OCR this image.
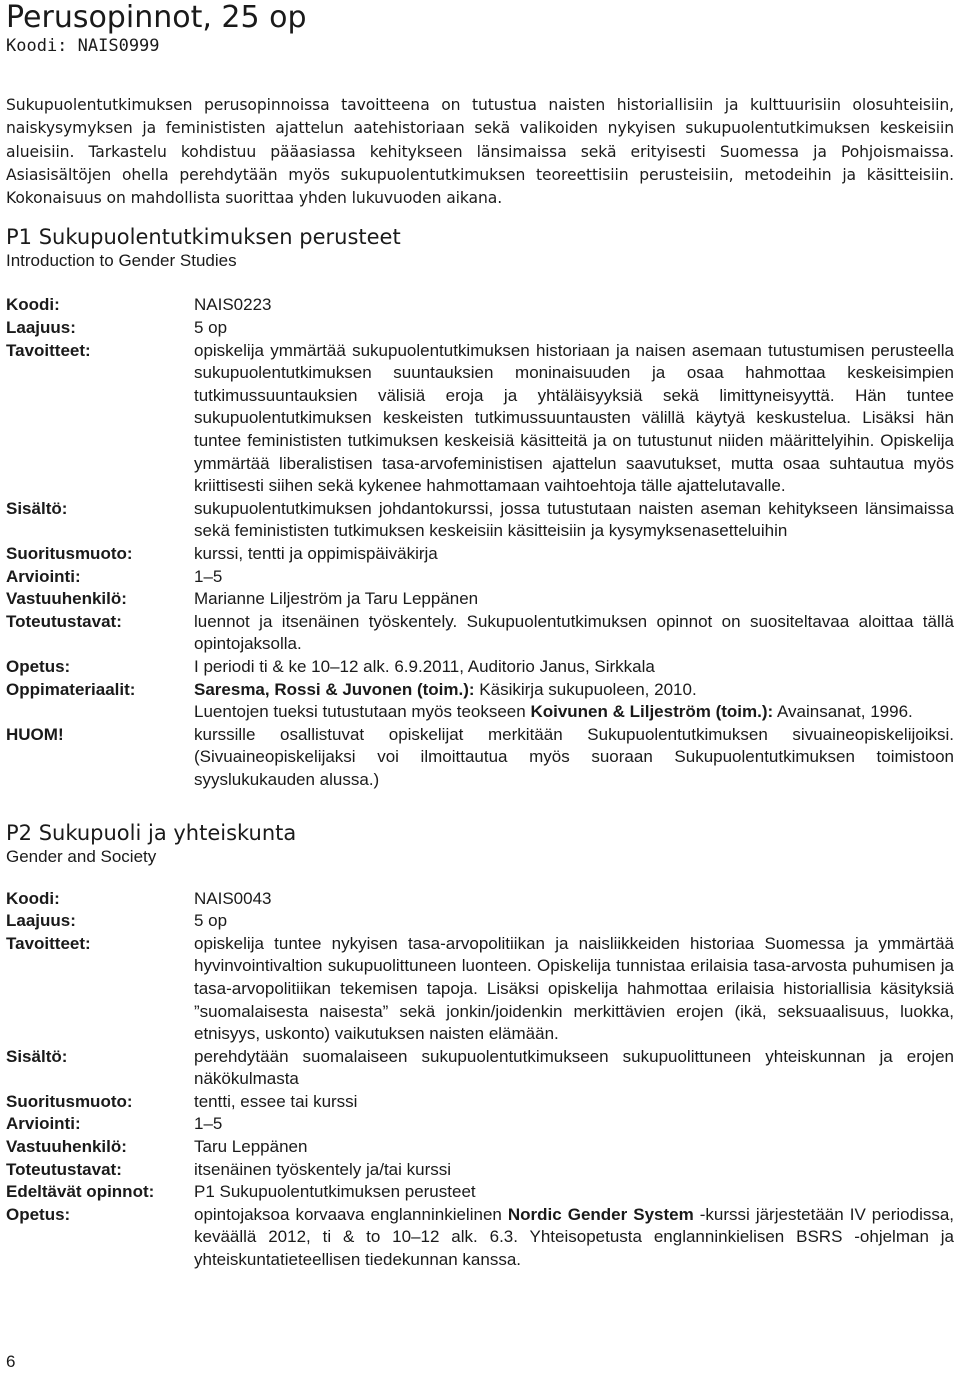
Perusopinnot, 25 op
Koodi: NAIS0999

Sukupuolentutkimuksen perusopinnoissa tavoitteena on tutustua naisten historiallisiin ja kulttuurisiin olosuhteisiin, naiskysymyksen ja feminististen ajattelun aatehistoriaan sekä valikoiden nykyisen sukupuolentutkimuksen keskeisiin alueisiin. Tarkastelu kohdistuu pääasiassa kehitykseen länsimaissa sekä erityisesti Suomessa ja Pohjoismaissa. Asiasisältöjen ohella perehdytään myös sukupuolentutkimuksen teoreettisiin perusteisiin, metodeihin ja käsitteisiin. Kokonaisuus on mahdollista suorittaa yhden lukuvuoden aikana.

P1 Sukupuolentutkimuksen perusteet
Introduction to Gender Studies
Koodi:	NAIS0223
Laajuus:	5 op
Tavoitteet:	opiskelija ymmärtää sukupuolentutkimuksen historiaan ja naisen asemaan tutustumisen perusteella sukupuolentutkimuksen suuntauksien moninaisuuden ja osaa hahmottaa keskeisimpien tutkimussuuntauksien välisiä eroja ja yhtäläisyyksiä sekä limittyneisyyttä. Hän tuntee sukupuolentutkimuksen keskeisten tutkimussuuntausten välillä käytyä keskustelua. Lisäksi hän tuntee feminististen tutkimuksen keskeisiä käsitteitä ja on tutustunut niiden määrittelyihin. Opiskelija ymmärtää liberalistisen tasa-arvofeministisen ajattelun saavutukset, mutta osaa suhtautua myös kriittisesti siihen sekä kykenee hahmottamaan vaihtoehtoja tälle ajattelutavalle.
Sisältö:	sukupuolentutkimuksen johdantokurssi, jossa tutustutaan naisten aseman kehitykseen länsimaissa sekä feminististen tutkimuksen keskeisiin käsitteisiin ja kysymyksenasetteluihin
Suoritusmuoto:	kurssi, tentti ja oppimispäiväkirja
Arviointi:	1–5
Vastuuhenkilö:	Marianne Liljeström ja Taru Leppänen
Toteutustavat:	luennot ja itsenäinen työskentely. Sukupuolentutkimuksen opinnot on suositeltavaa aloittaa tällä opintojaksolla.
Opetus:	I periodi ti & ke 10–12 alk. 6.9.2011, Auditorio Janus, Sirkkala
Oppimateriaalit:	Saresma, Rossi & Juvonen (toim.): Käsikirja sukupuoleen, 2010.
Luentojen tueksi tutustutaan myös teokseen Koivunen & Liljeström (toim.): Avainsanat, 1996.
HUOM!	kurssille osallistuvat opiskelijat merkitään Sukupuolentutkimuksen sivuaineopiskelijoiksi. (Sivuaineopiskelijaksi voi ilmoittautua myös suoraan Sukupuolentutkimuksen toimistoon syyslukukauden alussa.)
P2 Sukupuoli ja yhteiskunta
Gender and Society
Koodi:	NAIS0043
Laajuus:	5 op
Tavoitteet:	opiskelija tuntee nykyisen tasa-arvopolitiikan ja naisliikkeiden historiaa Suomessa ja ymmärtää hyvinvointivaltion sukupuolittuneen luonteen. Opiskelija tunnistaa erilaisia tasa-arvosta puhumisen ja tasa-arvopolitiikan tekemisen tapoja. Lisäksi opiskelija hahmottaa erilaisia historiallisia käsityksiä ”suomalaisesta naisesta” sekä jonkin/joidenkin merkittävien erojen (ikä, seksuaalisuus, luokka, etnisyys, uskonto) vaikutuksen naisten elämään.
Sisältö:	perehdytään suomalaiseen sukupuolentutkimukseen sukupuolittuneen yhteiskunnan ja erojen näkökulmasta
Suoritusmuoto:	tentti, essee tai kurssi
Arviointi:	1–5
Vastuuhenkilö:	Taru Leppänen
Toteutustavat:	itsenäinen työskentely ja/tai kurssi
Edeltävät opinnot:	P1 Sukupuolentutkimuksen perusteet
Opetus:	opintojaksoa korvaava englanninkielinen Nordic Gender System -kurssi järjestetään IV periodissa, keväällä 2012, ti & to 10–12 alk. 6.3. Yhteisopetusta englanninkielisen BSRS -ohjelman ja yhteiskuntatieteellisen tiedekunnan kanssa.
6
